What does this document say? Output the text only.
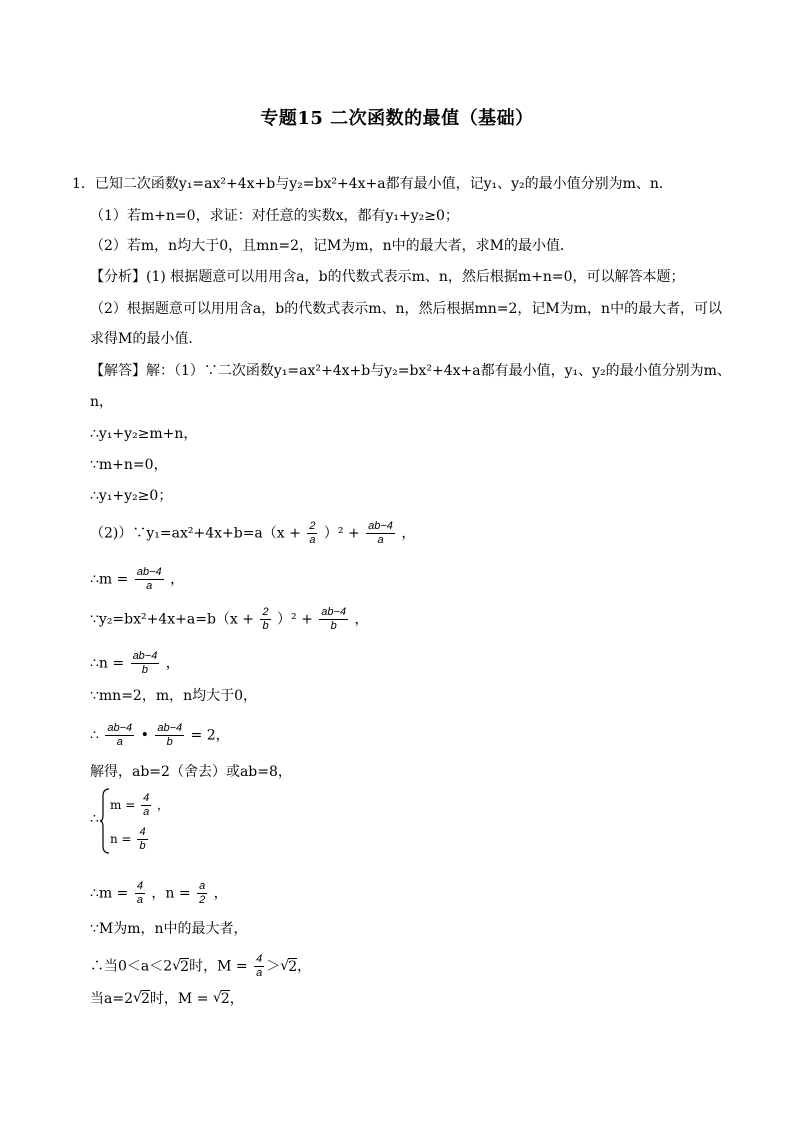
专题15 二次函数的最值（基础）
1．已知二次函数y₁=ax²+4x+b与y₂=bx²+4x+a都有最小值，记y₁、y₂的最小值分别为m、n．
（1）若m+n=0，求证：对任意的实数x，都有y₁+y₂≥0；
（2）若m，n均大于0，且mn=2，记M为m，n中的最大者，求M的最小值．
【分析】(1) 根据题意可以用用含a，b的代数式表示m、n，然后根据m+n=0，可以解答本题；
（2）根据题意可以用用含a，b的代数式表示m、n，然后根据mn=2，记M为m，n中的最大者，可以
求得M的最小值．
【解答】解：（1）∵二次函数y₁=ax²+4x+b与y₂=bx²+4x+a都有最小值，y₁、y₂的最小值分别为m、
n，
∴y₁+y₂≥m+n，
∵m+n=0，
∴y₁+y₂≥0；
（2)）∵y₁=ax²+4x+b=a（x + $\frac{2}{a} )^2 + \frac{ab-4}{a}$ ，
∴m = $\frac{ab-4}{a}$ ，
∵y₂=bx²+4x+a=b（x + $\frac{2}{b} )^2 + \frac{ab-4}{b}$ ，
∴n = $\frac{ab-4}{b}$ ，
∵mn=2，m，n均大于0，
∴ $\frac{ab-4}{a}$ • $\frac{ab-4}{b} = 2$，
解得，ab=2（舍去）或ab=8，
∴
$m = \frac{4}{a}$ ，
$n = \frac{4}{b}$
∴m = $\frac{4}{a}$ ，$n = \frac{a}{2}$ ，
∵M为m，n中的最大者，
∴当0＜a＜2 √ 2时，$M = \frac{4}{a}$ ＞ √ 2，
当a=2 √ 2时，M = √ 2，
